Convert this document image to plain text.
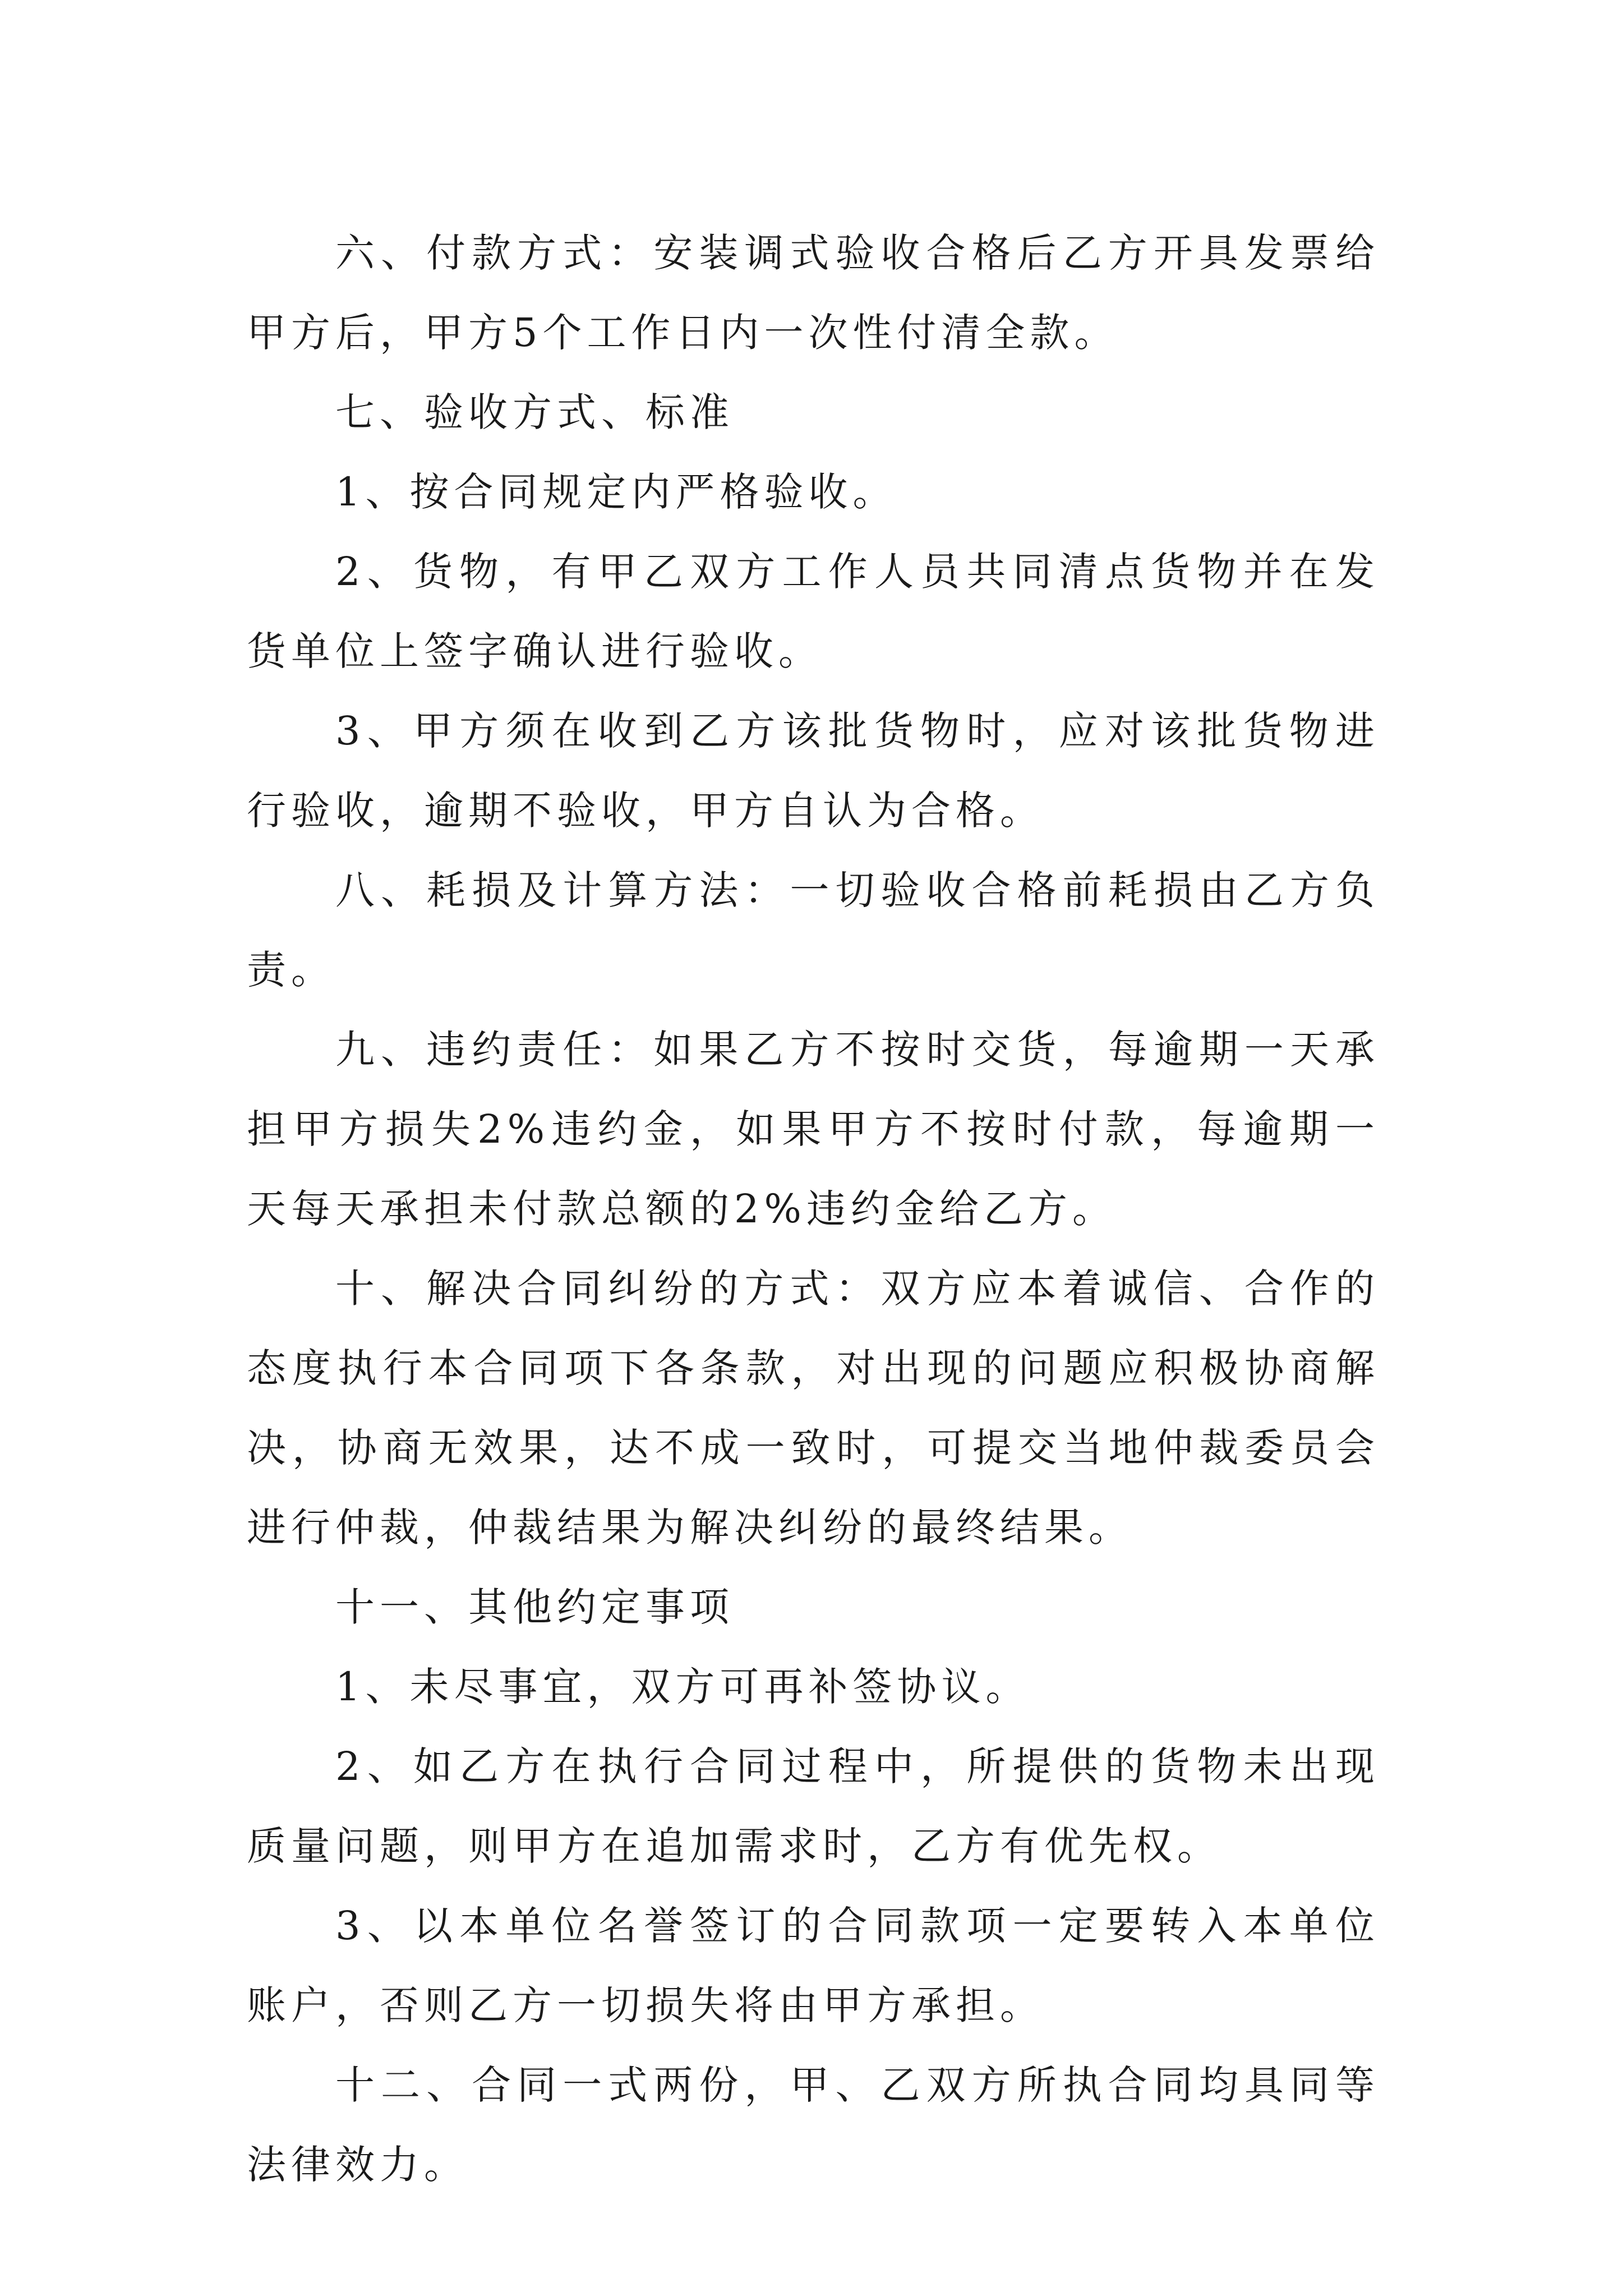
六、付款方式：安装调式验收合格后乙方开具发票给甲方后，甲方5个工作日内一次性付清全款。

七、验收方式、标准

1、按合同规定内严格验收。

2、货物，有甲乙双方工作人员共同清点货物并在发货单位上签字确认进行验收。

3、甲方须在收到乙方该批货物时，应对该批货物进行验收，逾期不验收，甲方自认为合格。

八、耗损及计算方法：一切验收合格前耗损由乙方负责。

九、违约责任：如果乙方不按时交货，每逾期一天承担甲方损失2%违约金，如果甲方不按时付款，每逾期一天每天承担未付款总额的2%违约金给乙方。

十、解决合同纠纷的方式：双方应本着诚信、合作的态度执行本合同项下各条款，对出现的问题应积极协商解决，协商无效果，达不成一致时，可提交当地仲裁委员会进行仲裁，仲裁结果为解决纠纷的最终结果。

十一、其他约定事项

1、未尽事宜，双方可再补签协议。

2、如乙方在执行合同过程中，所提供的货物未出现质量问题，则甲方在追加需求时，乙方有优先权。

3、以本单位名誉签订的合同款项一定要转入本单位账户，否则乙方一切损失将由甲方承担。

十二、合同一式两份，甲、乙双方所执合同均具同等法律效力。
